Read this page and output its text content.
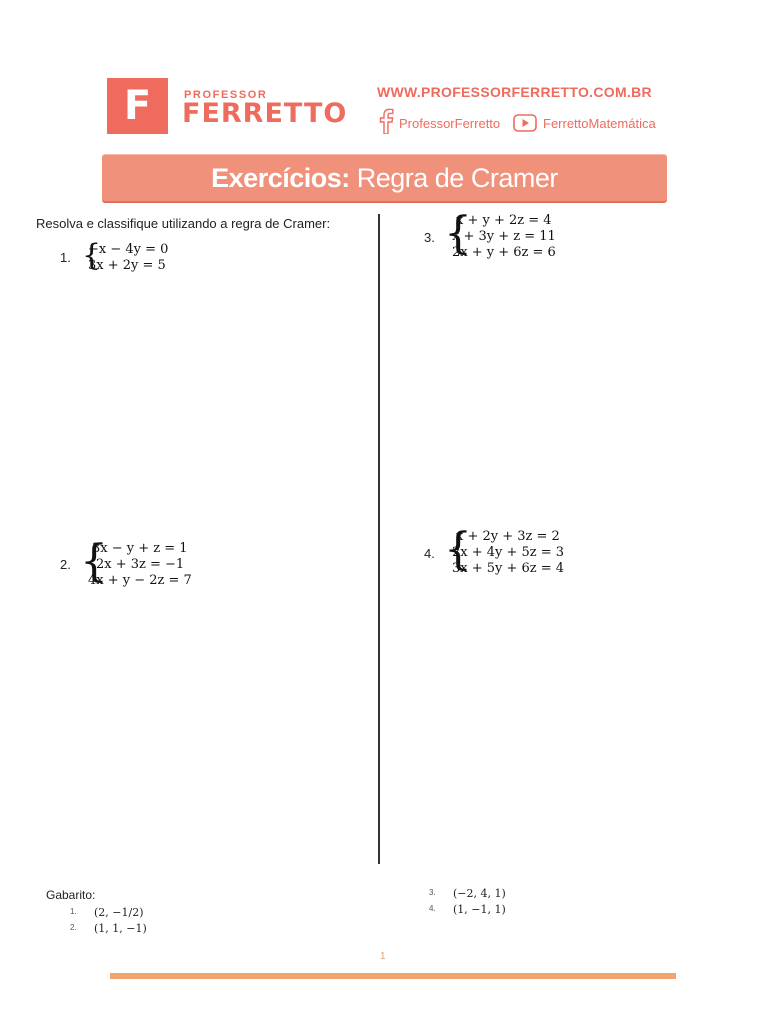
F	PROFESSOR
FERRETTO
WWW.PROFESSORFERRETTO.COM.BR
ProfessorFerretto	FerrettoMatemática
Exercícios: Regra de Cramer
Resolva e classifique utilizando a regra de Cramer:
1. {
−x − 4y = 0
3x + 2y = 5
2. {
3x − y + z = 1
2x + 3z = −1
4x + y − 2z = 7
3. {
x + y + 2z = 4
x + 3y + z = 11
2x + y + 6z = 6
4. {
x + 2y + 3z = 2
2x + 4y + 5z = 3
3x + 5y + 6z = 4
Gabarito:
1. (2, −1/2)
2. (1, 1, −1)
3. (−2, 4, 1)
4. (1, −1, 1)
1
